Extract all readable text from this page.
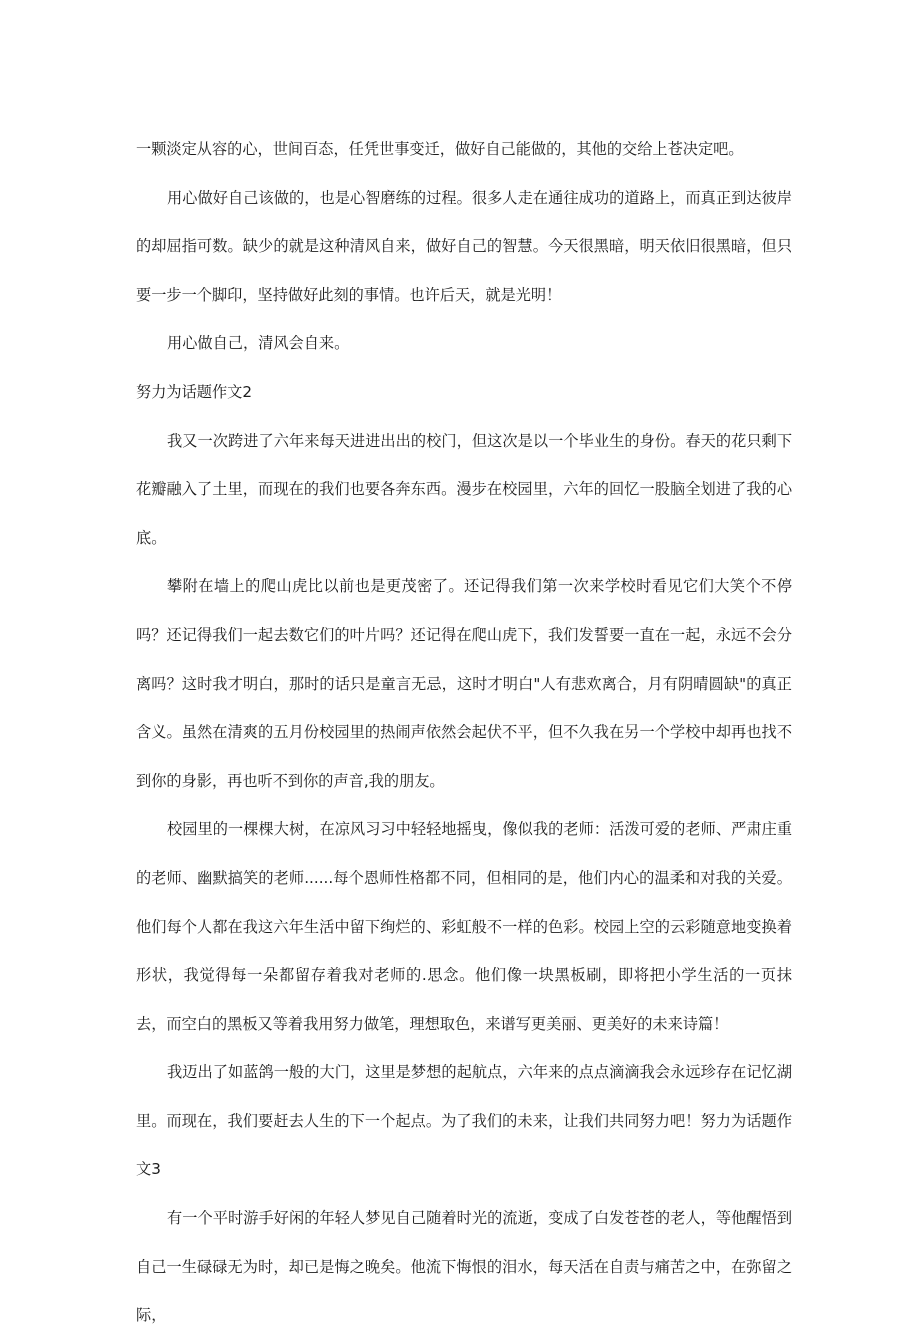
一颗淡定从容的心，世间百态，任凭世事变迁，做好自己能做的，其他的交给上苍决定吧。

用心做好自己该做的，也是心智磨练的过程。很多人走在通往成功的道路上，而真正到达彼岸的却屈指可数。缺少的就是这种清风自来，做好自己的智慧。今天很黑暗，明天依旧很黑暗，但只要一步一个脚印，坚持做好此刻的事情。也许后天，就是光明！

用心做自己，清风会自来。

努力为话题作文2

我又一次跨进了六年来每天进进出出的校门，但这次是以一个毕业生的身份。春天的花只剩下花瓣融入了土里，而现在的我们也要各奔东西。漫步在校园里，六年的回忆一股脑全划进了我的心底。

攀附在墙上的爬山虎比以前也是更茂密了。还记得我们第一次来学校时看见它们大笑个不停吗？还记得我们一起去数它们的叶片吗？还记得在爬山虎下，我们发誓要一直在一起，永远不会分离吗？这时我才明白，那时的话只是童言无忌，这时才明白"人有悲欢离合，月有阴晴圆缺"的真正含义。虽然在清爽的五月份校园里的热闹声依然会起伏不平，但不久我在另一个学校中却再也找不到你的身影，再也听不到你的声音,我的朋友。

校园里的一棵棵大树，在凉风习习中轻轻地摇曳，像似我的老师：活泼可爱的老师、严肃庄重的老师、幽默搞笑的老师......每个恩师性格都不同，但相同的是，他们内心的温柔和对我的关爱。他们每个人都在我这六年生活中留下绚烂的、彩虹般不一样的色彩。校园上空的云彩随意地变换着形状，我觉得每一朵都留存着我对老师的.思念。他们像一块黑板刷，即将把小学生活的一页抹去，而空白的黑板又等着我用努力做笔，理想取色，来谱写更美丽、更美好的未来诗篇！

我迈出了如蓝鸽一般的大门，这里是梦想的起航点，六年来的点点滴滴我会永远珍存在记忆湖里。而现在，我们要赶去人生的下一个起点。为了我们的未来，让我们共同努力吧！努力为话题作文3

有一个平时游手好闲的年轻人梦见自己随着时光的流逝，变成了白发苍苍的老人，等他醒悟到自己一生碌碌无为时，却已是悔之晚矣。他流下悔恨的泪水，每天活在自责与痛苦之中，在弥留之际，
